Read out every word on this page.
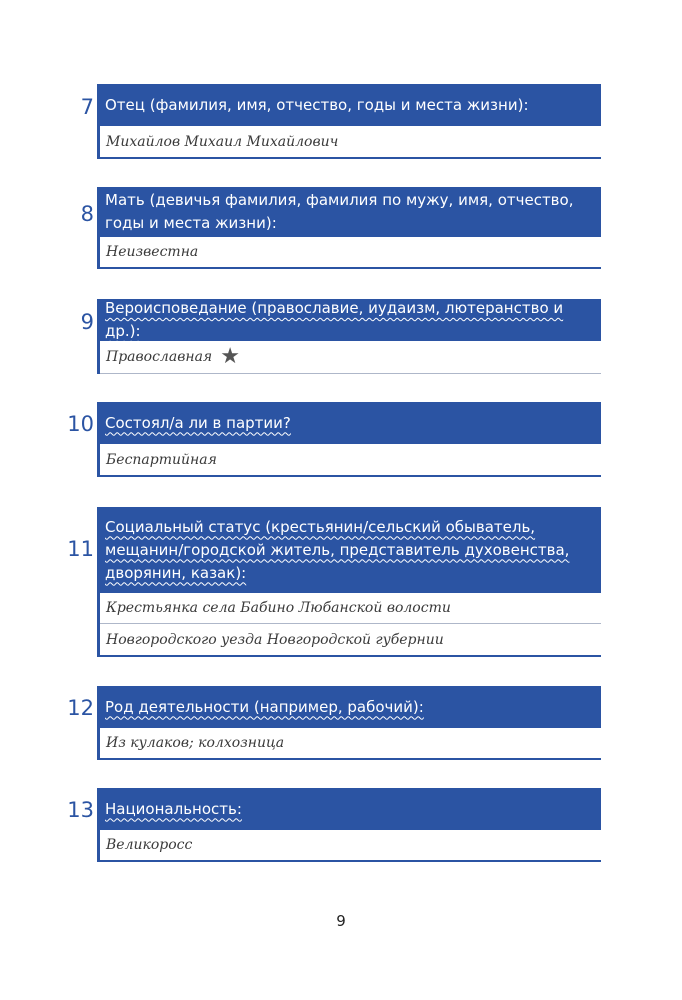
7 Отец (фамилия, имя, отчество, годы и места жизни):
Михайлов Михаил Михайлович
8
Мать (девичья фамилия, фамилия по мужу, имя, отчество, годы и места жизни):
Неизвестна
9
Вероисповедание (православие, иудаизм, лютеранство и др.):
Православная ★
10 Состоял/а ли в партии?
Беспартийная
11
Социальный статус (крестьянин/сельский обыватель, мещанин/городской житель, представитель духовенства, дворянин, казак):
Крестьянка села Бабино Любанской волости
Новгородского уезда Новгородской губернии
12 Род деятельности (например, рабочий):
Из кулаков; колхозница
13 Национальность:
Великоросс
9
